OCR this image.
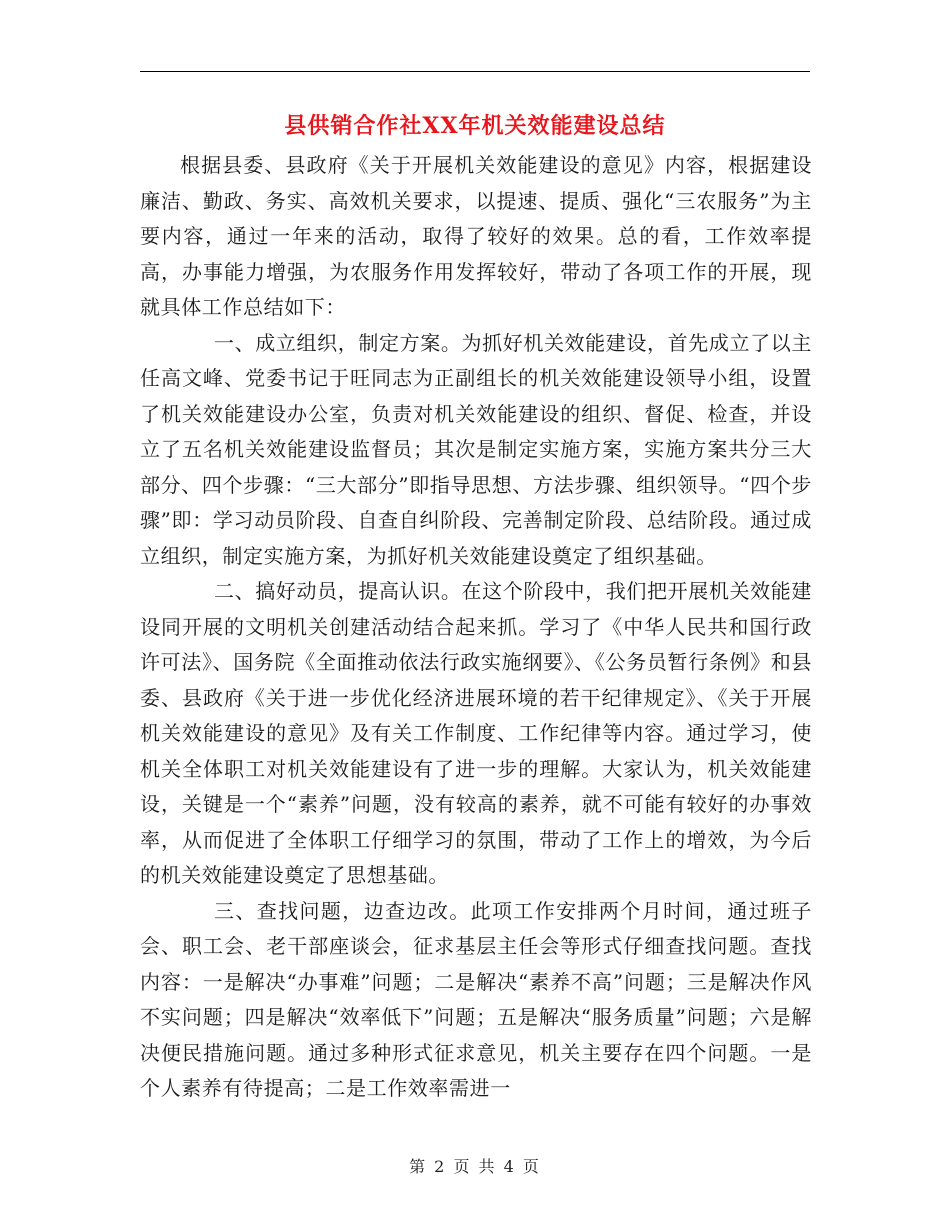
县供销合作社XX年机关效能建设总结

根据县委、县政府《关于开展机关效能建设的意见》内容，根据建设廉洁、勤政、务实、高效机关要求，以提速、提质、强化“三农服务”为主要内容，通过一年来的活动，取得了较好的效果。总的看，工作效率提高，办事能力增强，为农服务作用发挥较好，带动了各项工作的开展，现就具体工作总结如下：

一、成立组织，制定方案。为抓好机关效能建设，首先成立了以主任高文峰、党委书记于旺同志为正副组长的机关效能建设领导小组，设置了机关效能建设办公室，负责对机关效能建设的组织、督促、检查，并设立了五名机关效能建设监督员；其次是制定实施方案，实施方案共分三大部分、四个步骤：“三大部分”即指导思想、方法步骤、组织领导。“四个步骤”即：学习动员阶段、自查自纠阶段、完善制定阶段、总结阶段。通过成立组织，制定实施方案，为抓好机关效能建设奠定了组织基础。

二、搞好动员，提高认识。在这个阶段中，我们把开展机关效能建设同开展的文明机关创建活动结合起来抓。学习了《中华人民共和国行政许可法》、国务院《全面推动依法行政实施纲要》、《公务员暂行条例》和县委、县政府《关于进一步优化经济进展环境的若干纪律规定》、《关于开展机关效能建设的意见》及有关工作制度、工作纪律等内容。通过学习，使机关全体职工对机关效能建设有了进一步的理解。大家认为，机关效能建设，关键是一个“素养”问题，没有较高的素养，就不可能有较好的办事效率，从而促进了全体职工仔细学习的氛围，带动了工作上的增效，为今后的机关效能建设奠定了思想基础。

三、查找问题，边查边改。此项工作安排两个月时间，通过班子会、职工会、老干部座谈会，征求基层主任会等形式仔细查找问题。查找内容：一是解决“办事难”问题；二是解决“素养不高”问题；三是解决作风不实问题；四是解决“效率低下”问题；五是解决“服务质量”问题；六是解决便民措施问题。通过多种形式征求意见，机关主要存在四个问题。一是个人素养有待提高；二是工作效率需进一

第 2 页 共 4 页
